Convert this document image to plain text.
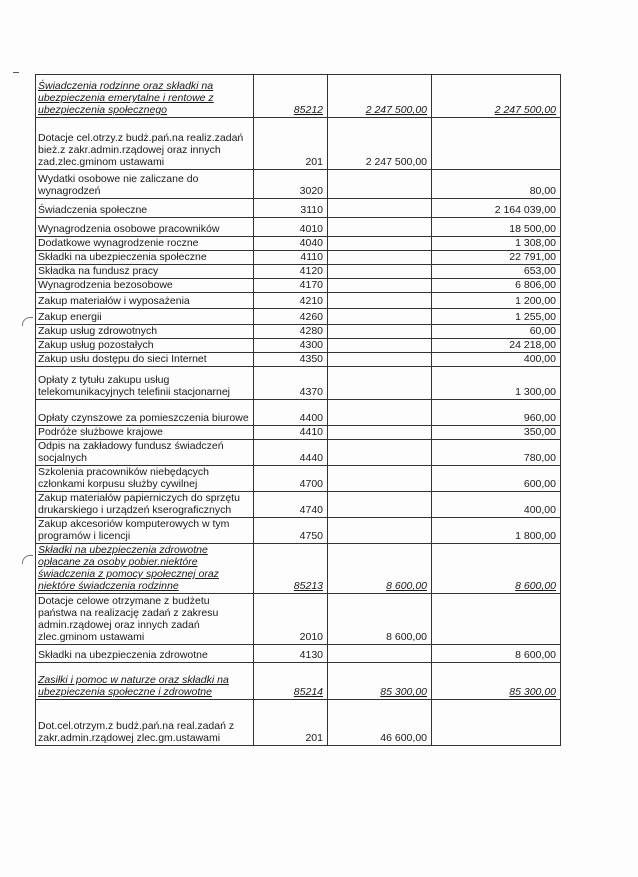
Świadczenia rodzinne oraz składki na ubezpieczenia emerytalne i rentowe z ubezpieczenia społecznego	85212	2 247 500,00	2 247 500,00
Dotacje cel.otrzy.z budż.pań.na realiz.zadań bież.z zakr.admin.rządowej oraz innych zad.zlec.gminom ustawami	201	2 247 500,00	
Wydatki osobowe nie zaliczane do wynagrodzeń	3020		80,00
Świadczenia społeczne	3110		2 164 039,00
Wynagrodzenia osobowe pracowników	4010		18 500,00
Dodatkowe wynagrodzenie roczne	4040		1 308,00
Składki na ubezpieczenia społeczne	4110		22 791,00
Składka na fundusz pracy	4120		653,00
Wynagrodzenia bezosobowe	4170		6 806,00
Zakup materiałów i wyposażenia	4210		1 200,00
Zakup energii	4260		1 255,00
Zakup usług zdrowotnych	4280		60,00
Zakup usług pozostałych	4300		24 218,00
Zakup usłu dostępu do sieci Internet	4350		400,00
Opłaty z tytułu zakupu usług telekomunikacyjnych telefinii stacjonarnej	4370		1 300,00
Opłaty czynszowe za pomieszczenia biurowe	4400		960,00
Podróże służbowe krajowe	4410		350,00
Odpis na zakładowy fundusz świadczeń socjalnych	4440		780,00
Szkolenia pracowników niebędących członkami korpusu służby cywilnej	4700		600,00
Zakup materiałów papierniczych do sprzętu drukarskiego i urządzeń kserograficznych	4740		400,00
Zakup akcesoriów komputerowych w tym programów i licencji	4750		1 800,00
Składki na ubezpieczenia zdrowotne opłacane za osoby pobier.niektóre świadczenia z pomocy społecznej oraz niektóre świadczenia rodzinne	85213	8 600,00	8 600,00
Dotacje celowe otrzymane z budżetu państwa na realizację zadań z zakresu admin.rządowej oraz innych zadań zlec.gminom ustawami	2010	8 600,00	
Składki na ubezpieczenia zdrowotne	4130		8 600,00
Zasiłki i pomoc w naturze oraz składki na ubezpieczenia społeczne i zdrowotne	85214	85 300,00	85 300,00
Dot.cel.otrzym.z budż.pań.na real.zadań z zakr.admin.rządowej zlec.gm.ustawami	201	46 600,00	
